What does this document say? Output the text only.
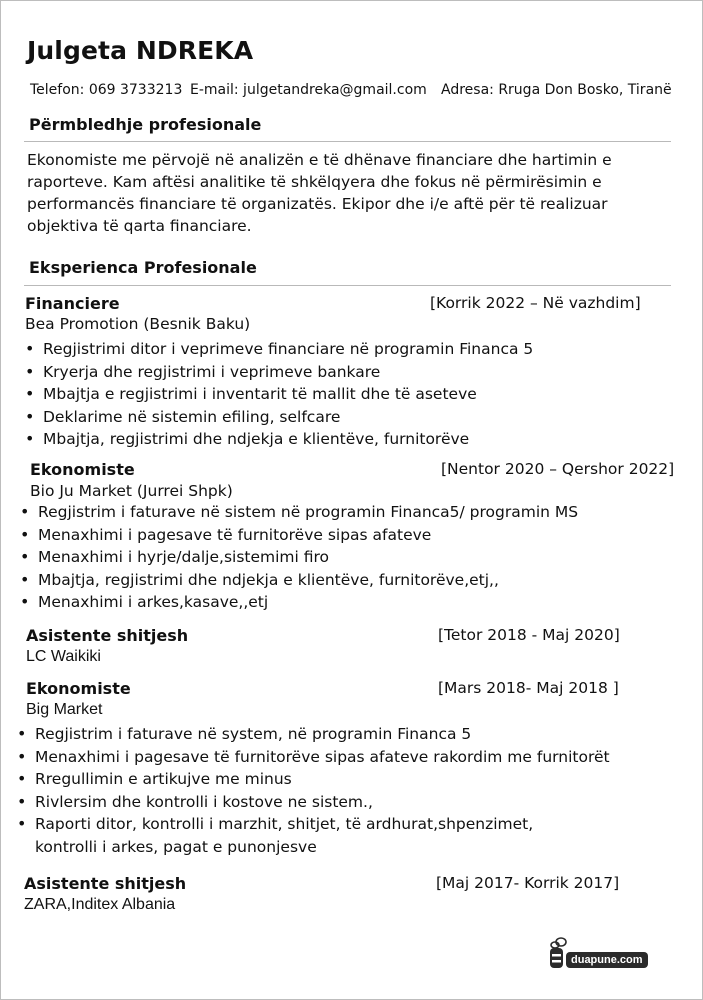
Julgeta NDREKA
Telefon: 069 3733213 E-mail: julgetandreka@gmail.com Adresa: Rruga Don Bosko, Tiranë
Përmbledhje profesionale
Ekonomiste me përvojë në analizën e të dhënave financiare dhe hartimin e raporteve. Kam aftësi analitike të shkëlqyera dhe fokus në përmirësimin e performancës financiare të organizatës. Ekipor dhe i/e aftë për të realizuar objektiva të qarta financiare.
Eksperienca Profesionale
Financiere	[Korrik 2022 – Në vazhdim]
Bea Promotion (Besnik Baku)
• Regjistrimi ditor i veprimeve financiare në programin Financa 5
• Kryerja dhe regjistrimi i veprimeve bankare
• Mbajtja e regjistrimi i inventarit të mallit dhe të aseteve
• Deklarime në sistemin efiling, selfcare
• Mbajtja, regjistrimi dhe ndjekja e klientëve, furnitorëve
Ekonomiste	[Nentor 2020 – Qershor 2022]
Bio Ju Market (Jurrei Shpk)
• Regjistrim i faturave në sistem në programin Financa5/ programin MS
• Menaxhimi i pagesave të furnitorëve sipas afateve
• Menaxhimi i hyrje/dalje,sistemimi firo
• Mbajtja, regjistrimi dhe ndjekja e klientëve, furnitorëve,etj,,
• Menaxhimi i arkes,kasave,,etj
Asistente shitjesh	[Tetor 2018 - Maj 2020]
LC Waikiki
Ekonomiste	[Mars 2018- Maj 2018 ]
Big Market
• Regjistrim i faturave në system, në programin Financa 5
• Menaxhimi i pagesave të furnitorëve sipas afateve rakordim me furnitorët
• Rregullimin e artikujve me minus
• Rivlersim dhe kontrolli i kostove ne sistem.,
• Raporti ditor, kontrolli i marzhit, shitjet, të ardhurat,shpenzimet, kontrolli i arkes, pagat e punonjesve
Asistente shitjesh	[Maj 2017- Korrik 2017]
ZARA,Inditex Albania
duapune.com
